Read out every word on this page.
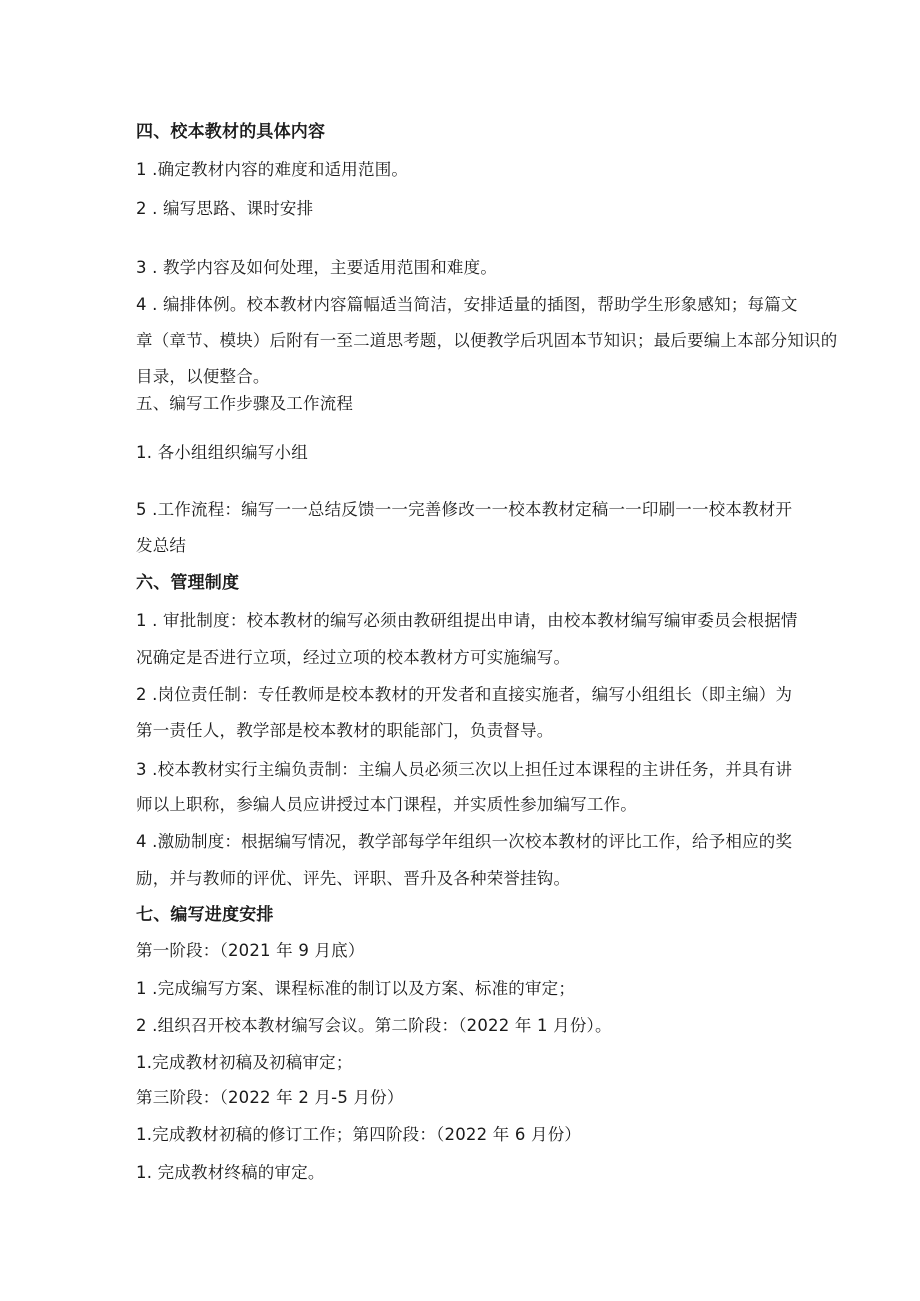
四、校本教材的具体内容
1 .确定教材内容的难度和适用范围。
2 . 编写思路、课时安排
3 . 教学内容及如何处理，主要适用范围和难度。
4 . 编排体例。校本教材内容篇幅适当简洁，安排适量的插图，帮助学生形象感知；每篇文
章（章节、模块）后附有一至二道思考题，以便教学后巩固本节知识；最后要编上本部分知识的
目录，以便整合。
五、编写工作步骤及工作流程
1. 各小组组织编写小组
5 .工作流程：编写一一总结反馈一一完善修改一一校本教材定稿一一印刷一一校本教材开
发总结
六、管理制度
1 . 审批制度：校本教材的编写必须由教研组提出申请，由校本教材编写编审委员会根据情
况确定是否进行立项，经过立项的校本教材方可实施编写。
2 .岗位责任制：专任教师是校本教材的开发者和直接实施者，编写小组组长（即主编）为
第一责任人，教学部是校本教材的职能部门，负责督导。
3 .校本教材实行主编负责制：主编人员必须三次以上担任过本课程的主讲任务，并具有讲
师以上职称，参编人员应讲授过本门课程，并实质性参加编写工作。
4 .激励制度：根据编写情况，教学部每学年组织一次校本教材的评比工作，给予相应的奖
励，并与教师的评优、评先、评职、晋升及各种荣誉挂钩。
七、编写进度安排
第一阶段：（2021 年 9 月底）
1 .完成编写方案、课程标准的制订以及方案、标准的审定；
2 .组织召开校本教材编写会议。第二阶段：（2022 年 1 月份）。
1.完成教材初稿及初稿审定；
第三阶段：（2022 年 2 月-5 月份）
1.完成教材初稿的修订工作；第四阶段：（2022 年 6 月份）
1. 完成教材终稿的审定。
